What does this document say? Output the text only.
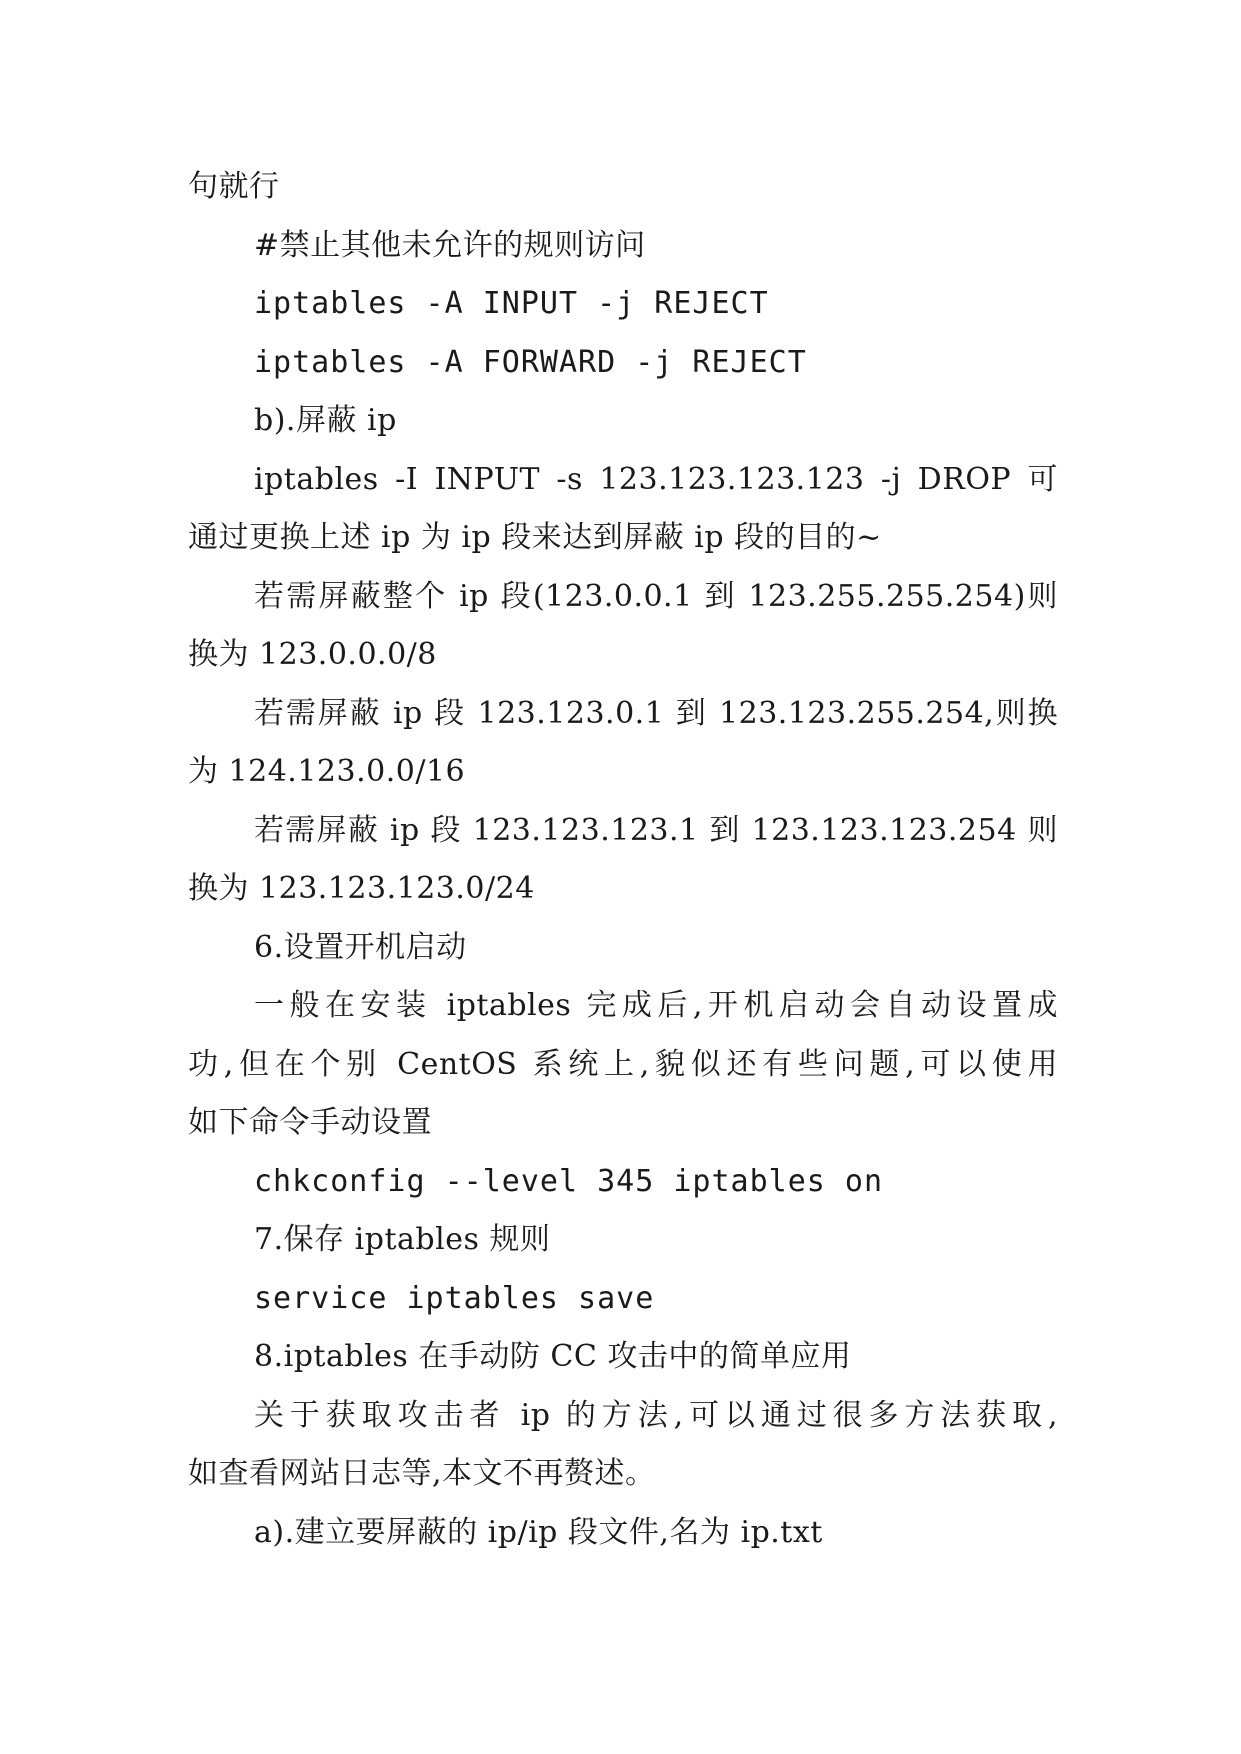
句就行
#禁止其他未允许的规则访问
iptables -A INPUT -j REJECT
iptables -A FORWARD -j REJECT
b).屏蔽 ip
iptables -I INPUT -s 123.123.123.123 -j DROP 可
通过更换上述 ip 为 ip 段来达到屏蔽 ip 段的目的~
若需屏蔽整个 ip 段(123.0.0.1 到 123.255.255.254)则
换为 123.0.0.0/8
若需屏蔽 ip 段 123.123.0.1 到 123.123.255.254,则换
为 124.123.0.0/16
若需屏蔽 ip 段 123.123.123.1 到 123.123.123.254 则
换为 123.123.123.0/24
6.设置开机启动
一般在安装 iptables 完成后,开机启动会自动设置成
功,但在个别 CentOS 系统上,貌似还有些问题,可以使用
如下命令手动设置
chkconfig --level 345 iptables on
7.保存 iptables 规则
service iptables save
8.iptables 在手动防 CC 攻击中的简单应用
关于获取攻击者 ip 的方法,可以通过很多方法获取,
如查看网站日志等,本文不再赘述。
a).建立要屏蔽的 ip/ip 段文件,名为 ip.txt
